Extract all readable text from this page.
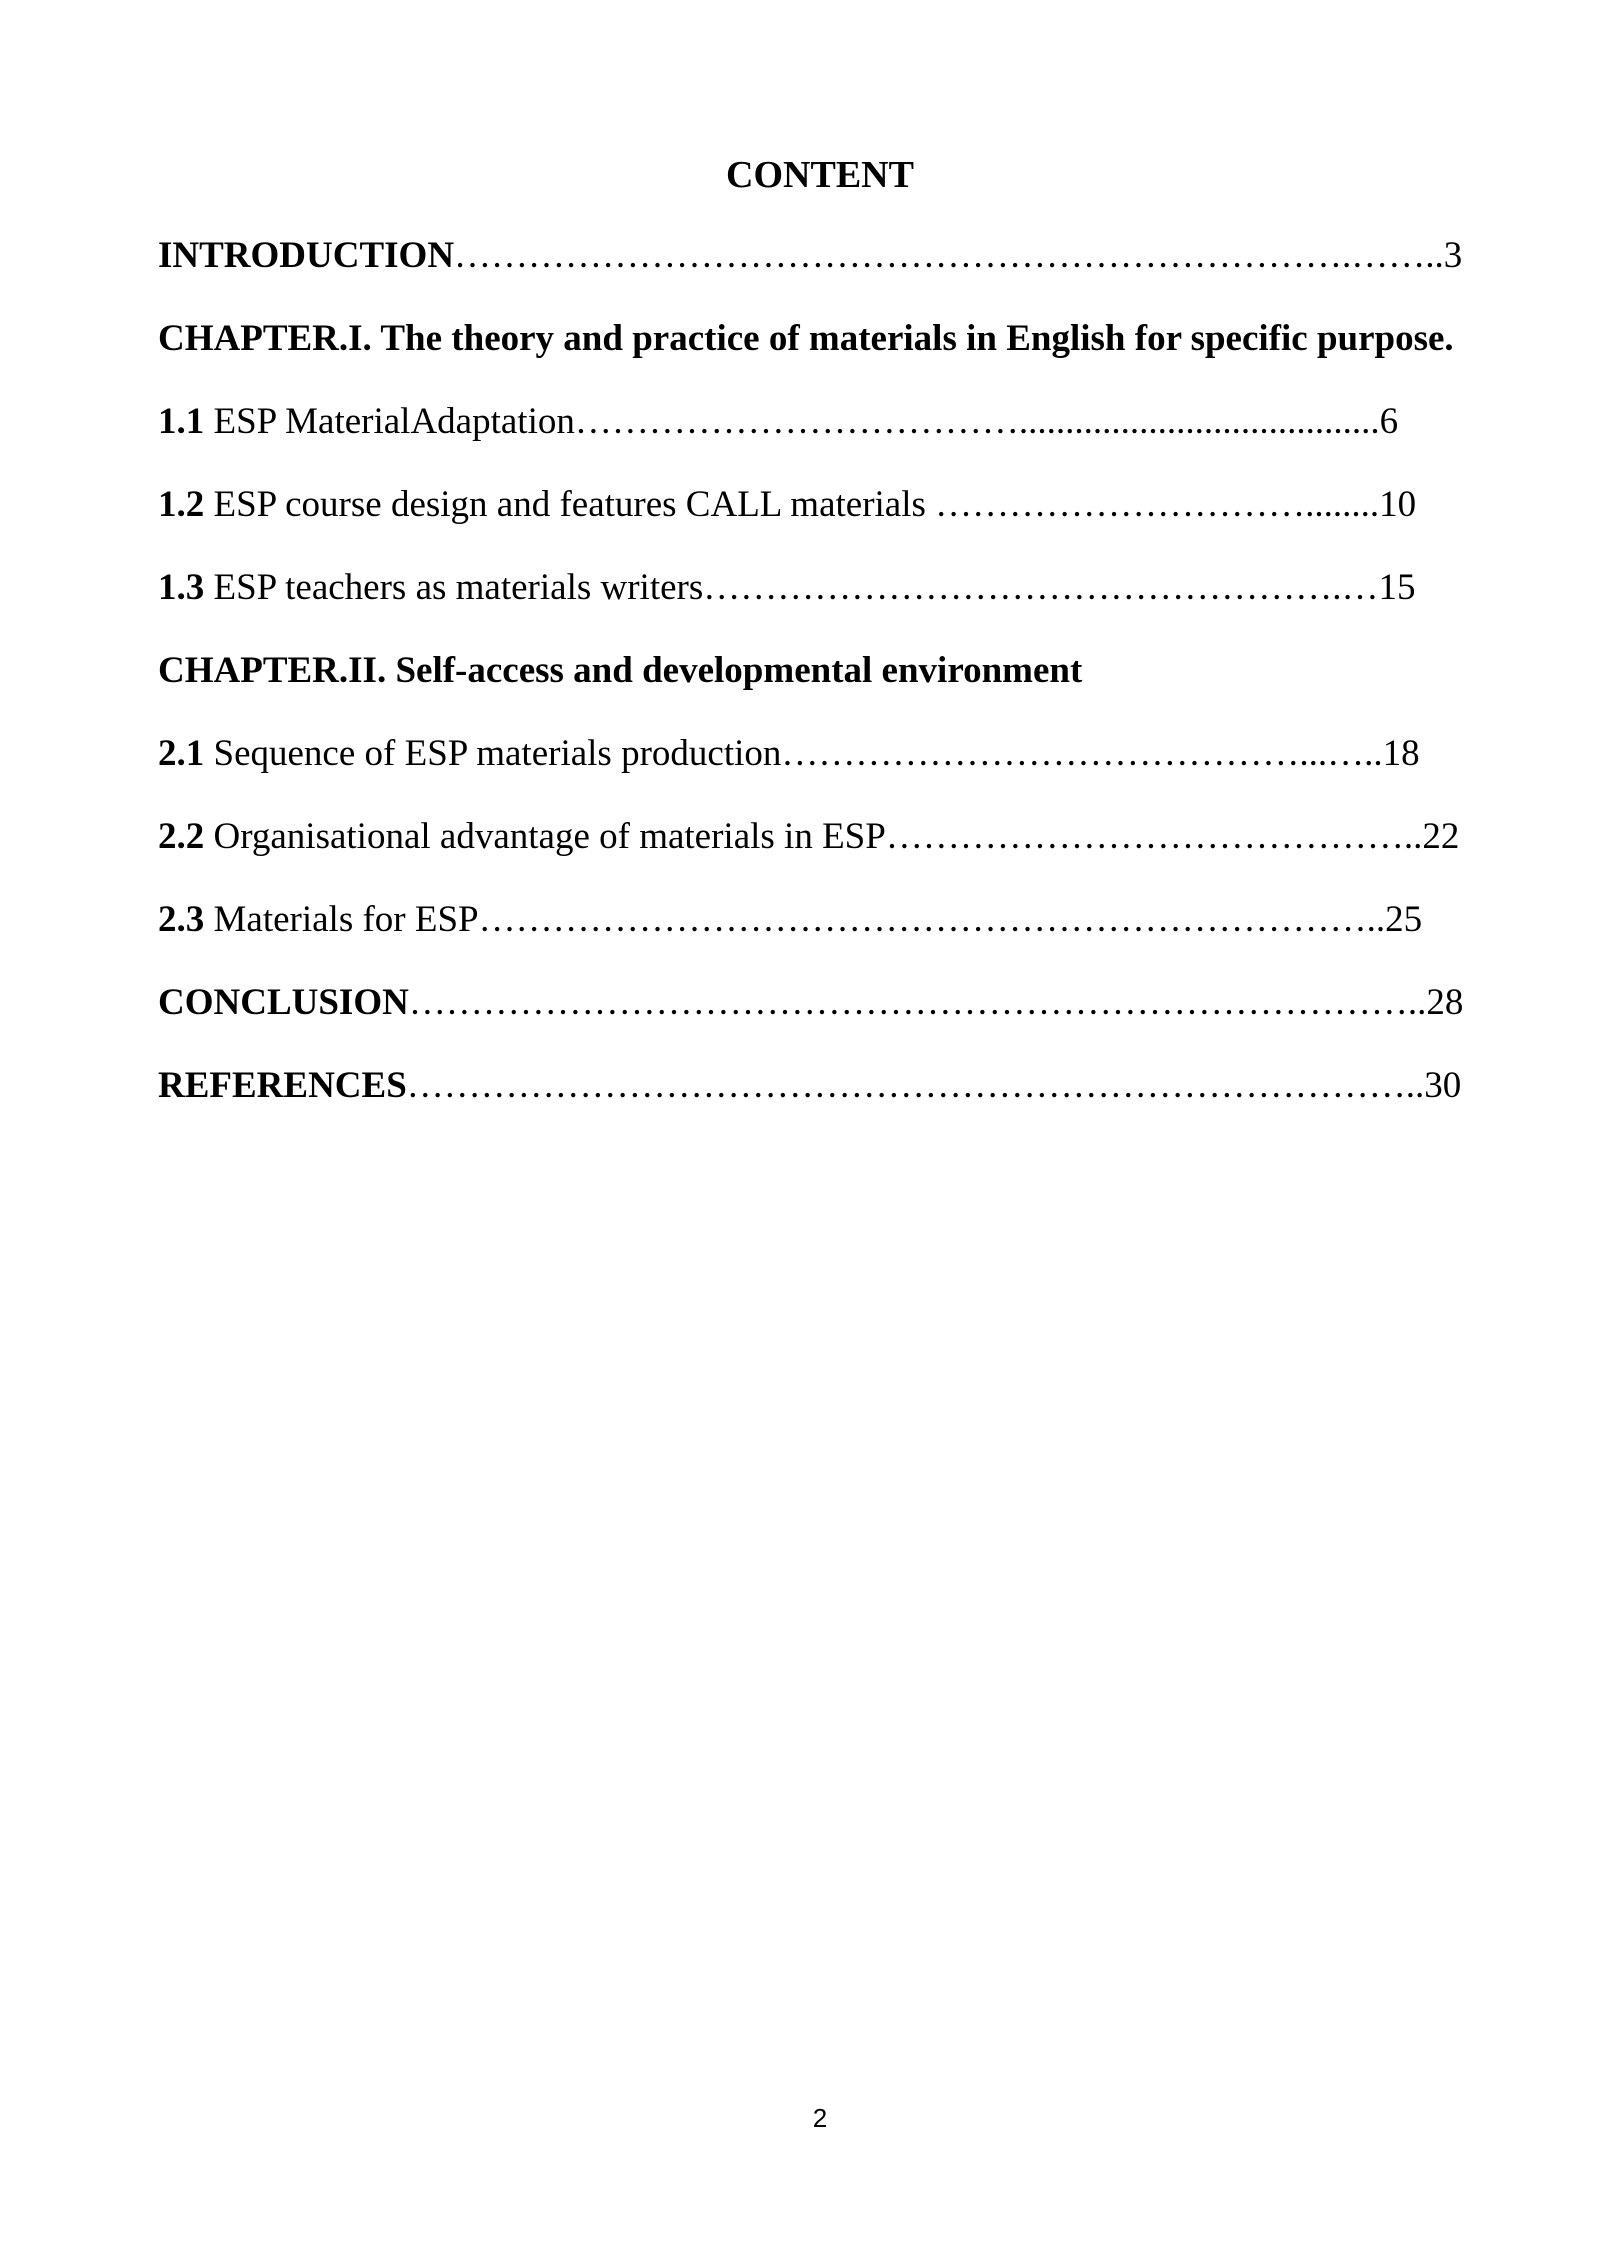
CONTENT
INTRODUCTION……………………………………………………………….……..3
CHAPTER.I. The theory and practice of materials in English for specific purpose.
1.1 ESP MaterialAdaptation……………………………….......................................6
1.2 ESP course design and features CALL materials …………………………........10
1.3 ESP teachers as materials writers…………………………………………….…15
CHAPTER.II. Self-access and developmental environment
2.1 Sequence of ESP materials production……………………………………...…..18
2.2 Organisational advantage of materials in ESP……………………………………..22
2.3 Materials for ESP………………………………………………………………..25
CONCLUSION………………………………………………………………………..28
REFERENCES………………………………………………………………………..30
2
